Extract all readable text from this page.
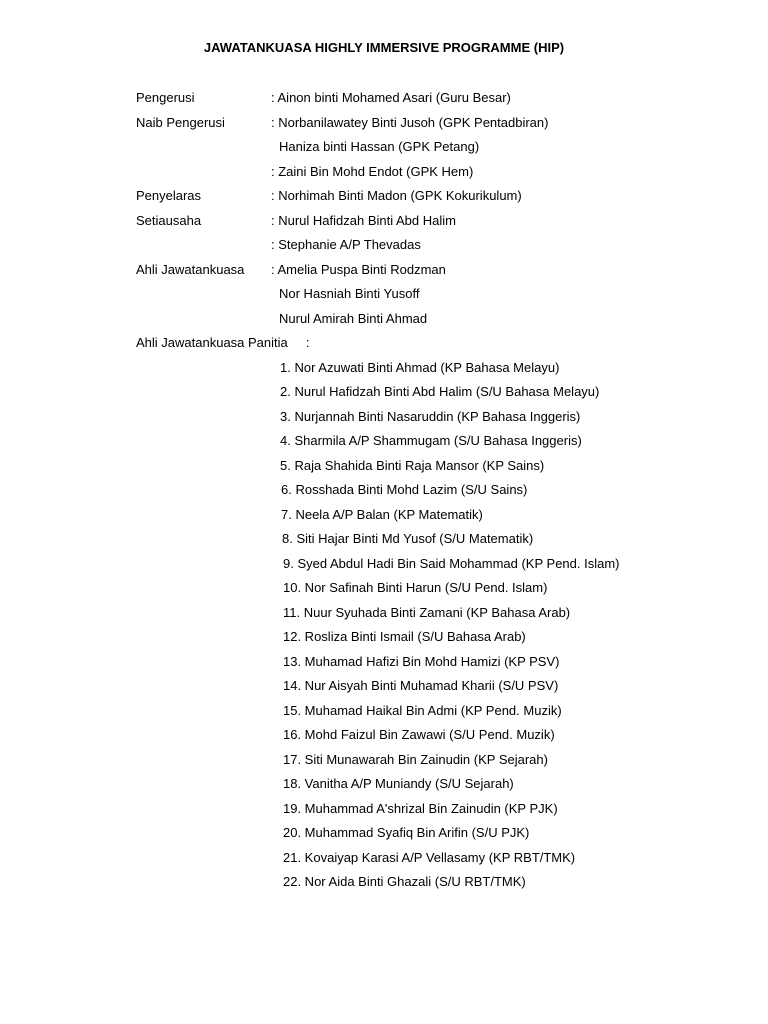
JAWATANKUASA HIGHLY IMMERSIVE PROGRAMME (HIP)
Pengerusi	: Ainon binti Mohamed Asari (Guru Besar)
Naib Pengerusi	: Norbanilawatey Binti Jusoh (GPK Pentadbiran)
Haniza binti Hassan (GPK Petang)
: Zaini Bin Mohd Endot (GPK Hem)
Penyelaras	: Norhimah Binti Madon (GPK Kokurikulum)
Setiausaha	: Nurul Hafidzah Binti Abd Halim
: Stephanie A/P Thevadas
Ahli Jawatankuasa : Amelia Puspa Binti Rodzman
Nor Hasniah Binti Yusoff
Nurul Amirah Binti Ahmad
Ahli Jawatankuasa Panitia     :
1. Nor Azuwati Binti Ahmad (KP Bahasa Melayu)
2. Nurul Hafidzah Binti Abd Halim (S/U Bahasa Melayu)
3. Nurjannah Binti Nasaruddin (KP Bahasa Inggeris)
4. Sharmila A/P Shammugam (S/U Bahasa Inggeris)
5. Raja Shahida Binti Raja Mansor (KP Sains)
6. Rosshada Binti Mohd Lazim (S/U Sains)
7. Neela A/P Balan (KP Matematik)
8. Siti Hajar Binti Md Yusof (S/U Matematik)
9. Syed Abdul Hadi Bin Said Mohammad (KP Pend. Islam)
10. Nor Safinah Binti Harun (S/U Pend. Islam)
11. Nuur Syuhada Binti Zamani (KP Bahasa Arab)
12. Rosliza Binti Ismail (S/U Bahasa Arab)
13. Muhamad Hafizi Bin Mohd Hamizi (KP PSV)
14. Nur Aisyah Binti Muhamad Kharii (S/U PSV)
15. Muhamad Haikal Bin Admi (KP Pend. Muzik)
16. Mohd Faizul Bin Zawawi (S/U Pend. Muzik)
17. Siti Munawarah Bin Zainudin (KP Sejarah)
18. Vanitha A/P Muniandy (S/U Sejarah)
19. Muhammad A'shrizal Bin Zainudin (KP PJK)
20. Muhammad Syafiq Bin Arifin (S/U PJK)
21. Kovaiyap Karasi A/P Vellasamy (KP RBT/TMK)
22. Nor Aida Binti Ghazali (S/U RBT/TMK)
